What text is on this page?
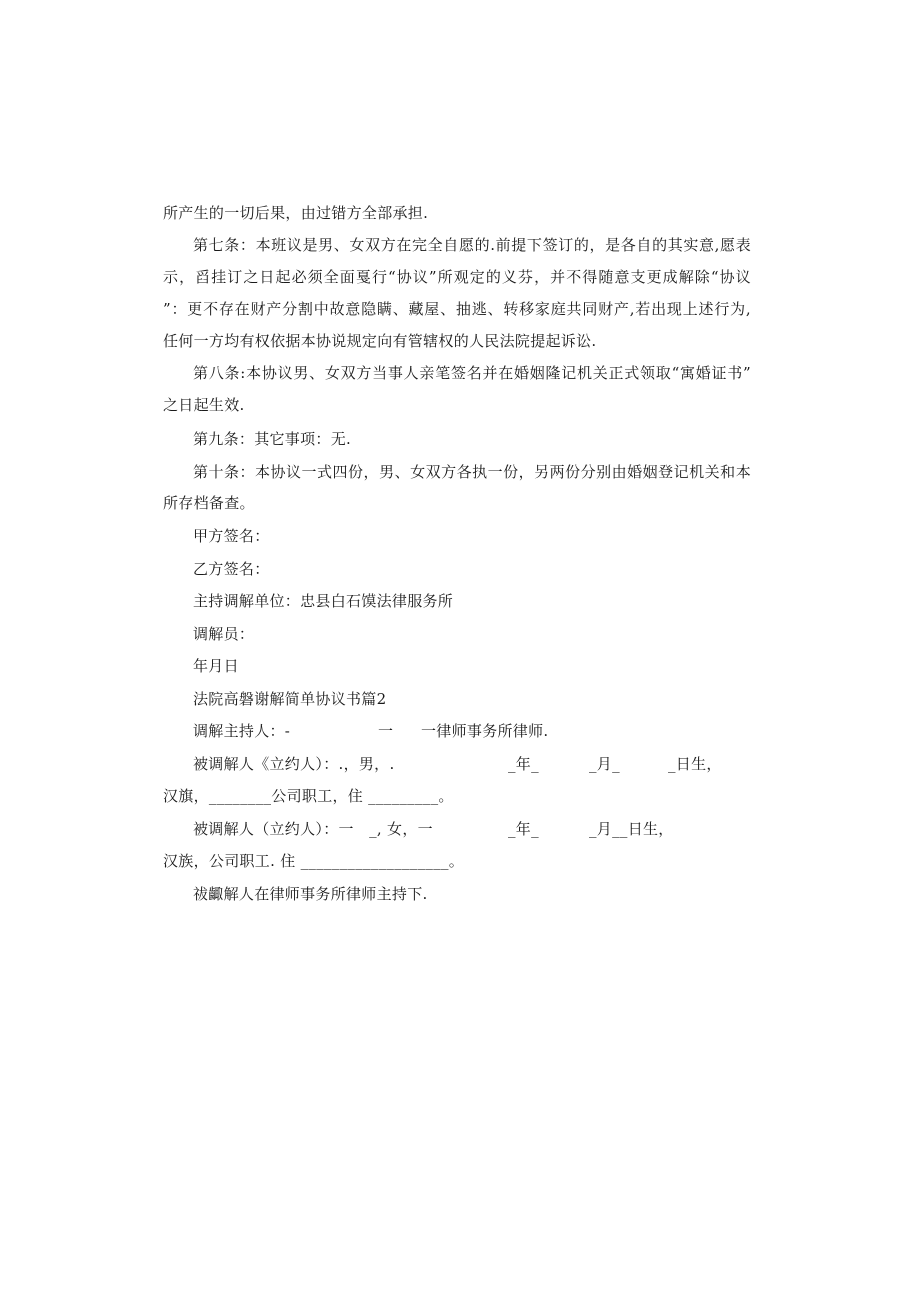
所产生的一切后果，由过错方全部承担.
第七条：本班议是男、女双方在完全自愿的.前提下签订的，是各自的其实意,愿表
示，舀挂订之日起必须全面戛行“协议”所观定的义芬，并不得随意支更成解除“协议
”：更不存在财产分割中故意隐瞒、藏屋、抽逃、转移家庭共同财产,若出现上述行为,
任何一方均有权依据本协说规定向有管辖权的人民法院提起诉讼.
第八条:本协议男、女双方当事人亲笔签名并在婚姻隆记机关正式领取“寓婚证书”
之日起生效.
第九条：其它事项：无.
第十条：本协议一式四份，男、女双方各执一份，另两份分别由婚姻登记机关和本
所存档备查。
甲方签名：
乙方签名：
主持调解单位：忠县白石馍法律服务所
调解员：
年月日
法院高磐谢解简单协议书篇2
调解主持人：-	一 一律师事务所律师.
被调解人《立约人）：.，男，.	_年_	_月_	_日生，
汉旗，________公司职工，住 _________。
被调解人（立约人）：一　_, 女，一	_年_	_月__日生，
汉族，公司职工. 住 ___________________。
祓齱解人在律师事务所律师主持下.
